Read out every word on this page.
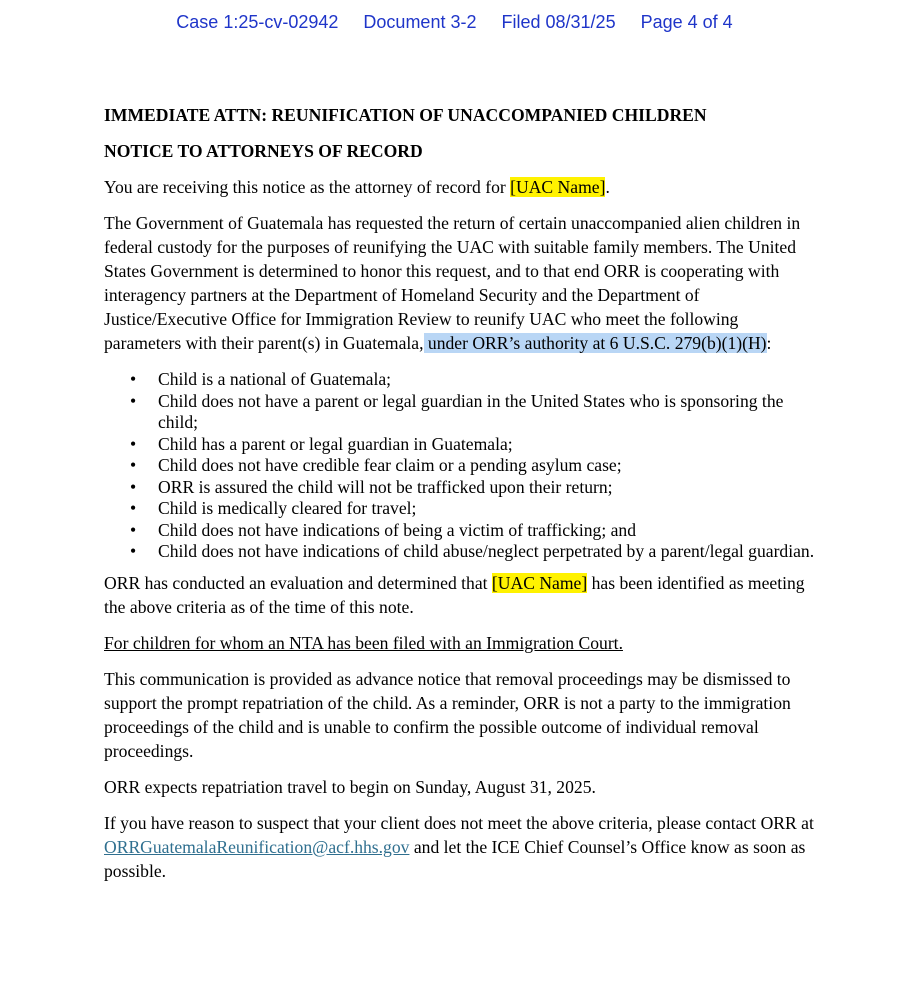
Case 1:25-cv-02942 Document 3-2 Filed 08/31/25 Page 4 of 4

IMMEDIATE ATTN: REUNIFICATION OF UNACCOMPANIED CHILDREN

NOTICE TO ATTORNEYS OF RECORD

You are receiving this notice as the attorney of record for [UAC Name].

The Government of Guatemala has requested the return of certain unaccompanied alien children in federal custody for the purposes of reunifying the UAC with suitable family members. The United States Government is determined to honor this request, and to that end ORR is cooperating with interagency partners at the Department of Homeland Security and the Department of Justice/Executive Office for Immigration Review to reunify UAC who meet the following parameters with their parent(s) in Guatemala, under ORR’s authority at 6 U.S.C. 279(b)(1)(H):

• Child is a national of Guatemala;
• Child does not have a parent or legal guardian in the United States who is sponsoring the child;
• Child has a parent or legal guardian in Guatemala;
• Child does not have credible fear claim or a pending asylum case;
• ORR is assured the child will not be trafficked upon their return;
• Child is medically cleared for travel;
• Child does not have indications of being a victim of trafficking; and
• Child does not have indications of child abuse/neglect perpetrated by a parent/legal guardian.

ORR has conducted an evaluation and determined that [UAC Name] has been identified as meeting the above criteria as of the time of this note.

For children for whom an NTA has been filed with an Immigration Court.

This communication is provided as advance notice that removal proceedings may be dismissed to support the prompt repatriation of the child. As a reminder, ORR is not a party to the immigration proceedings of the child and is unable to confirm the possible outcome of individual removal proceedings.

ORR expects repatriation travel to begin on Sunday, August 31, 2025.

If you have reason to suspect that your client does not meet the above criteria, please contact ORR at ORRGuatemalaReunification@acf.hhs.gov and let the ICE Chief Counsel’s Office know as soon as possible.
